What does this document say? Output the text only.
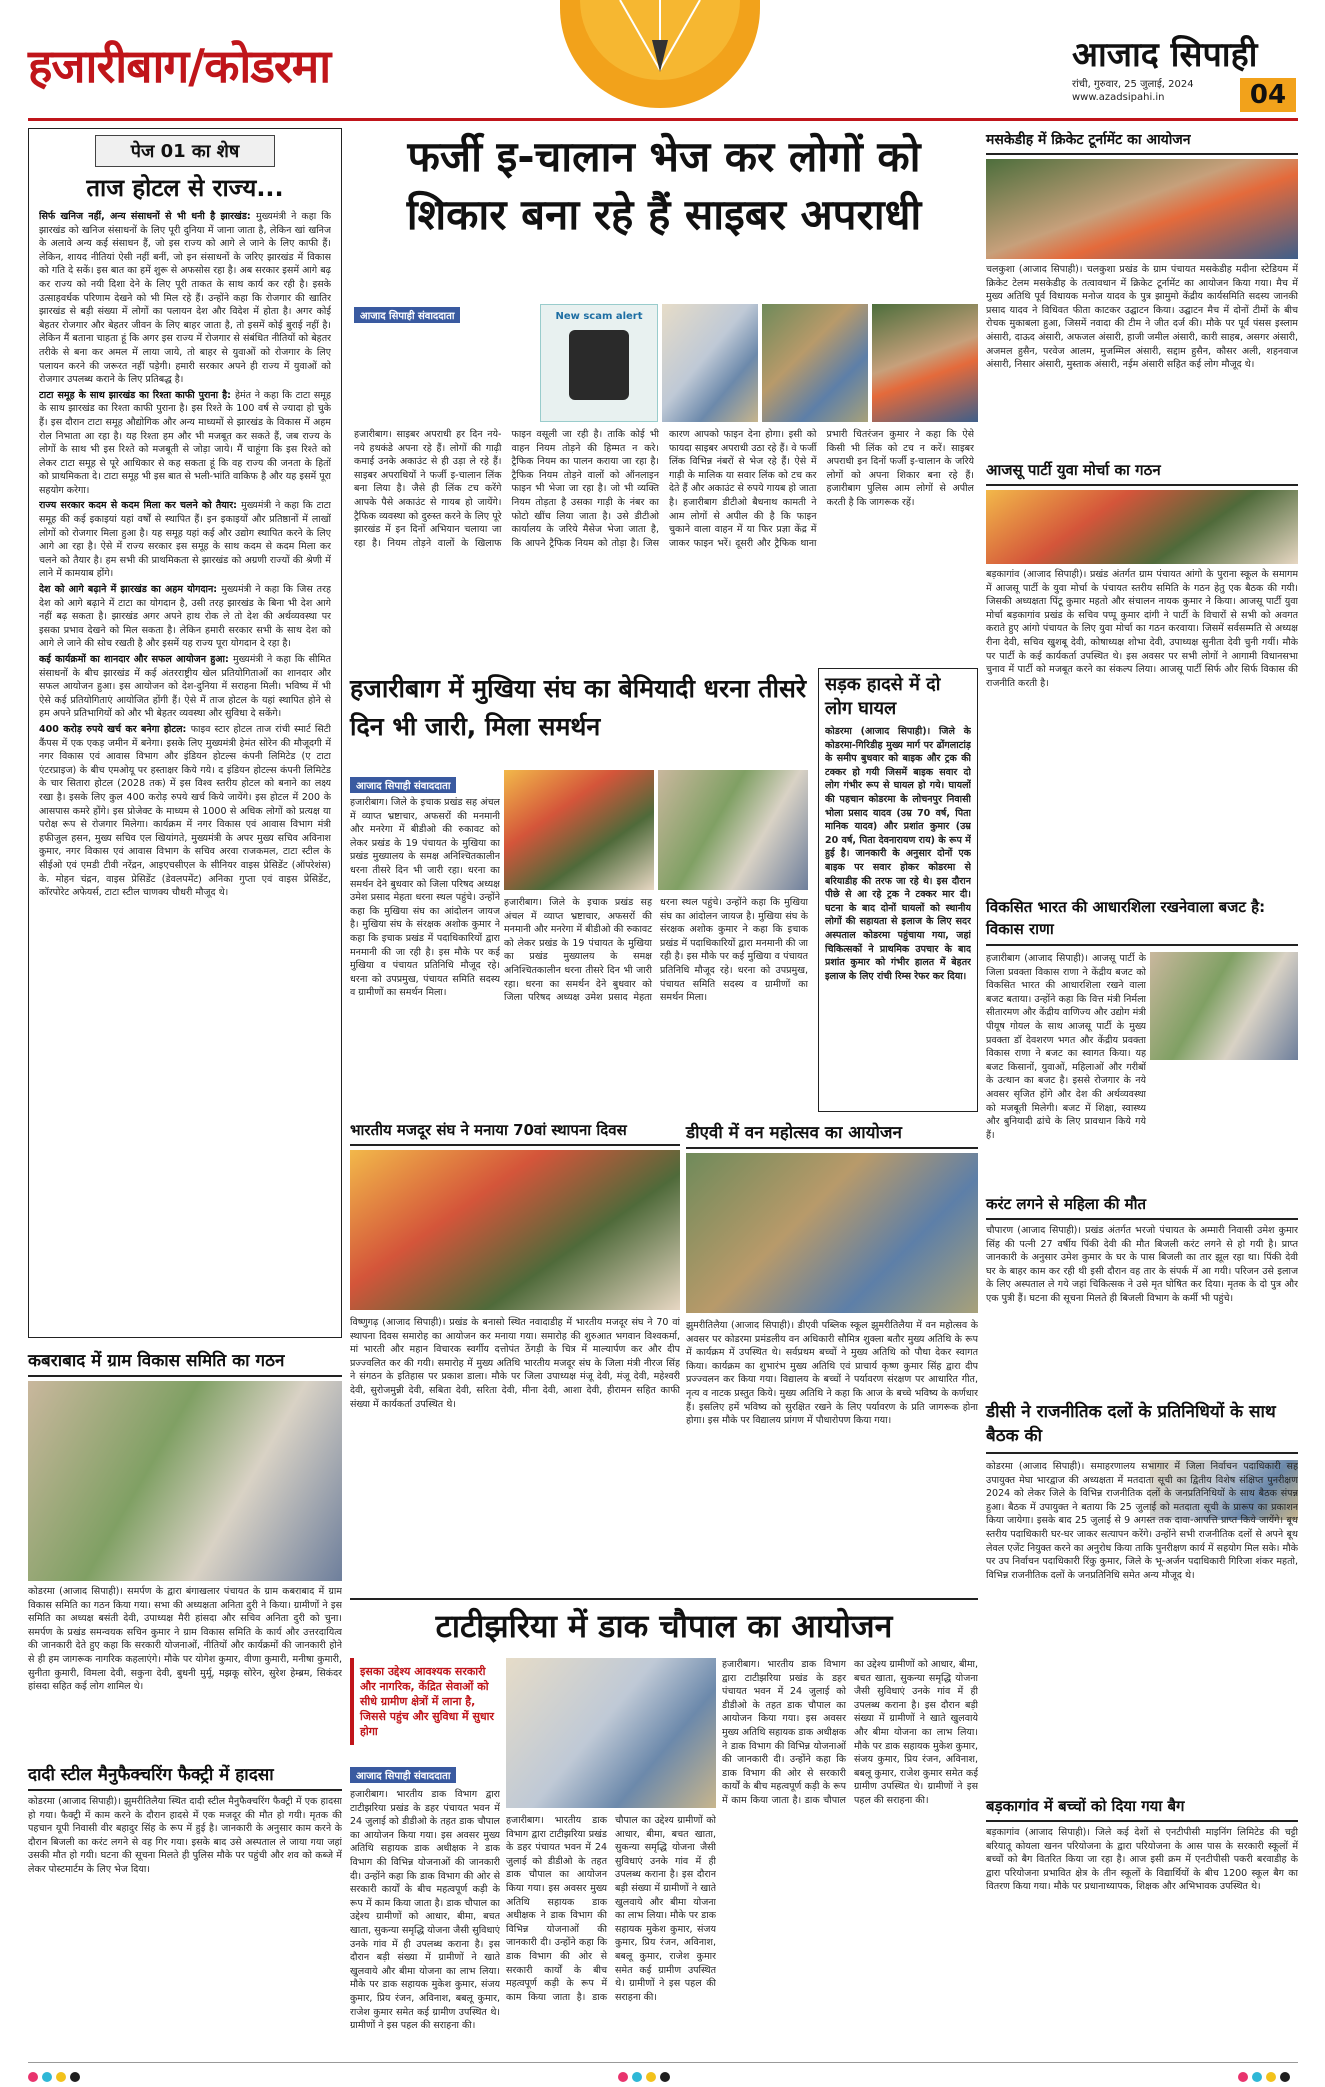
हजारीबाग/कोडरमा	आजाद सिपाही
रांची, गुरुवार, 25 जुलाई, 2024
www.azadsipahi.in	04
पेज 01 का शेष
ताज होटल से राज्य...

सिर्फ खनिज नहीं, अन्य संसाधनों से भी धनी है झारखंड: मुख्यमंत्री ने कहा कि झारखंड को खनिज संसाधनों के लिए पूरी दुनिया में जाना जाता है, लेकिन खां खनिज के अलावे अन्य कई संसाधन हैं, जो इस राज्य को आगे ले जाने के लिए काफी हैं। लेकिन, शायद नीतियां ऐसी नहीं बनीं, जो इन संसाधनों के जरिए झारखंड में विकास को गति दे सकें। इस बात का हमें शुरू से अफसोस रहा है। अब सरकार इसमें आगे बढ़ कर राज्य को नयी दिशा देने के लिए पूरी ताकत के साथ कार्य कर रही है। इसके उत्साहवर्धक परिणाम देखने को भी मिल रहे हैं। उन्होंने कहा कि रोजगार की खातिर झारखंड से बड़ी संख्या में लोगों का पलायन देश और विदेश में होता है। अगर कोई बेहतर रोजगार और बेहतर जीवन के लिए बाहर जाता है, तो इसमें कोई बुराई नहीं है। लेकिन मैं बताना चाहता हूं कि अगर इस राज्य में रोजगार से संबंधित नीतियों को बेहतर तरीके से बना कर अमल में लाया जाये, तो बाहर से युवाओं को रोजगार के लिए पलायन करने की जरूरत नहीं पड़ेगी। हमारी सरकार अपने ही राज्य में युवाओं को रोजगार उपलब्ध कराने के लिए प्रतिबद्ध है।

टाटा समूह के साथ झारखंड का रिश्ता काफी पुराना है: हेमंत ने कहा कि टाटा समूह के साथ झारखंड का रिश्ता काफी पुराना है। इस रिश्ते के 100 वर्ष से ज्यादा हो चुके हैं। इस दौरान टाटा समूह औद्योगिक और अन्य माध्यमों से झारखंड के विकास में अहम रोल निभाता आ रहा है। यह रिश्ता हम और भी मजबूत कर सकते हैं, जब राज्य के लोगों के साथ भी इस रिश्ते को मजबूती से जोड़ा जाये। मैं चाहूंगा कि इस रिश्ते को लेकर टाटा समूह से पूरे आधिकार से कह सकता हूं कि वह राज्य की जनता के हितों को प्राथमिकता दे। टाटा समूह भी इस बात से भली-भांति वाकिफ है और यह इसमें पूरा सहयोग करेगा।

राज्य सरकार कदम से कदम मिला कर चलने को तैयार: मुख्यमंत्री ने कहा कि टाटा समूह की कई इकाइयां यहां वर्षों से स्थापित हैं। इन इकाइयों और प्रतिष्ठानों में लाखों लोगों को रोजगार मिला हुआ है। यह समूह यहां कई और उद्योग स्थापित करने के लिए आगे आ रहा है। ऐसे में राज्य सरकार इस समूह के साथ कदम से कदम मिला कर चलने को तैयार है। हम सभी की प्राथमिकता से झारखंड को अग्रणी राज्यों की श्रेणी में लाने में कामयाब होंगे।

देश को आगे बढ़ाने में झारखंड का अहम योगदान: मुख्यमंत्री ने कहा कि जिस तरह देश को आगे बढ़ाने में टाटा का योगदान है, उसी तरह झारखंड के बिना भी देश आगे नहीं बढ़ सकता है। झारखंड अगर अपने हाथ रोक ले तो देश की अर्थव्यवस्था पर इसका प्रभाव देखने को मिल सकता है। लेकिन हमारी सरकार सभी के साथ देश को आगे ले जाने की सोच रखती है और इसमें यह राज्य पूरा योगदान दे रहा है।

कई कार्यक्रमों का शानदार और सफल आयोजन हुआ: मुख्यमंत्री ने कहा कि सीमित संसाधनों के बीच झारखंड में कई अंतरराष्ट्रीय खेल प्रतियोगिताओं का शानदार और सफल आयोजन हुआ। इस आयोजन को देश-दुनिया में सराहना मिली। भविष्य में भी ऐसे कई प्रतियोगिताएं आयोजित होंगी हैं। ऐसे में ताज होटल के यहां स्थापित होने से हम अपने प्रतिभागियों को और भी बेहतर व्यवस्था और सुविधा दे सकेंगे।

400 करोड़ रुपये खर्च कर बनेगा होटल: फाइव स्टार होटल ताज रांची स्मार्ट सिटी कैंपस में एक एकड़ जमीन में बनेगा। इसके लिए मुख्यमंत्री हेमंत सोरेन की मौजूदगी में नगर विकास एवं आवास विभाग और इंडियन होटल्स कंपनी लिमिटेड (ए टाटा एंटरप्राइज) के बीच एमओयू पर हस्ताक्षर किये गये। द इंडियन होटल्स कंपनी लिमिटेड के चार सितारा होटल (2028 तक) में इस विश्व स्तरीय होटल को बनाने का लक्ष्य रखा है। इसके लिए कुल 400 करोड़ रुपये खर्च किये जायेंगे। इस होटल में 200 के आसपास कमरे होंगे। इस प्रोजेक्ट के माध्यम से 1000 से अधिक लोगों को प्रत्यक्ष या परोक्ष रूप से रोजगार मिलेगा। कार्यक्रम में नगर विकास एवं आवास विभाग मंत्री हफीजुल हसन, मुख्य सचिव एल खियांगते, मुख्यमंत्री के अपर मुख्य सचिव अविनाश कुमार, नगर विकास एवं आवास विभाग के सचिव अरवा राजकमल, टाटा स्टील के सीईओ एवं एमडी टीवी नरेंद्रन, आइएचसीएल के सीनियर वाइस प्रेसिडेंट (ऑपरेशंस) के. मोहन चंद्रन, वाइस प्रेसिडेंट (डेवलपमेंट) अनिका गुप्ता एवं वाइस प्रेसिडेंट, कॉरपोरेट अफेयर्स, टाटा स्टील चाणक्य चौधरी मौजूद थे।

कबराबाद में ग्राम विकास समिति का गठन
कोडरमा (आजाद सिपाही)। समर्पण के द्वारा बंगाखलार पंचायत के ग्राम कबराबाद में ग्राम विकास समिति का गठन किया गया। सभा की अध्यक्षता अनिता दुरी ने किया। ग्रामीणों ने इस समिति का अध्यक्ष बसंती देवी, उपाध्यक्ष मैरी हांसदा और सचिव अनिता दुरी को चुना। समर्पण के प्रखंड समन्वयक सचिन कुमार ने ग्राम विकास समिति के कार्य और उत्तरदायित्व की जानकारी देते हुए कहा कि सरकारी योजनाओं, नीतियों और कार्यक्रमों की जानकारी होने से ही हम जागरूक नागरिक कहलाएंगे। मौके पर योगेश कुमार, वीणा कुमारी, मनीषा कुमारी, सुनीता कुमारी, विमला देवी, सकुना देवी, बुधनी मुर्मू, मझकू सोरेन, सुरेश हेम्ब्रम, सिकंदर हांसदा सहित कई लोग शामिल थे।
दादी स्टील मैनुफैक्चरिंग फैक्ट्री में हादसा
कोडरमा (आजाद सिपाही)। झुमरीतिलैया स्थित दादी स्टील मैनुफैक्चरिंग फैक्ट्री में एक हादसा हो गया। फैक्ट्री में काम करने के दौरान हादसे में एक मजदूर की मौत हो गयी। मृतक की पहचान यूपी निवासी वीर बहादुर सिंह के रूप में हुई है। जानकारी के अनुसार काम करने के दौरान बिजली का करंट लगने से वह गिर गया। इसके बाद उसे अस्पताल ले जाया गया जहां उसकी मौत हो गयी। घटना की सूचना मिलते ही पुलिस मौके पर पहुंची और शव को कब्जे में लेकर पोस्टमार्टम के लिए भेज दिया।
फर्जी इ-चालान भेज कर लोगों को शिकार बना रहे हैं साइबर अपराधी
आजाद सिपाही संवाददाता	New scam alert
हजारीबाग। साइबर अपराधी हर दिन नये-नये हथकंडे अपना रहे हैं। लोगों की गाढ़ी कमाई उनके अकाउंट से ही उड़ा ले रहे हैं। साइबर अपराधियों ने फर्जी इ-चालान लिंक बना लिया है। जैसे ही लिंक टच करेंगे आपके पैसे अकाउंट से गायब हो जायेंगे। ट्रैफिक व्यवस्था को दुरुस्त करने के लिए पूरे झारखंड में इन दिनों अभियान चलाया जा रहा है। नियम तोड़ने वालों के खिलाफ फाइन वसूली जा रही है। ताकि कोई भी वाहन नियम तोड़ने की हिम्मत न करे। ट्रैफिक नियम का पालन कराया जा रहा है। ट्रैफिक नियम तोड़ने वालों को ऑनलाइन फाइन भी भेजा जा रहा है। जो भी व्यक्ति नियम तोड़ता है उसका गाड़ी के नंबर का फोटो खींच लिया जाता है। उसे डीटीओ कार्यालय के जरिये मैसेज भेजा जाता है, कि आपने ट्रैफिक नियम को तोड़ा है। जिस कारण आपको फाइन देना होगा। इसी को फायदा साइबर अपराधी उठा रहे हैं। वे फर्जी लिंक विभिन्न नंबरों से भेज रहे हैं। ऐसे में गाड़ी के मालिक या सवार लिंक को टच कर देते हैं और अकाउंट से रुपये गायब हो जाता है। हजारीबाग डीटीओ बैधनाथ कामती ने आम लोगों से अपील की है कि फाइन चुकाने वाला वाहन में या फिर प्रज्ञा केंद्र में जाकर फाइन भरें। दूसरी और ट्रैफिक थाना प्रभारी चितरंजन कुमार ने कहा कि ऐसे किसी भी लिंक को टच न करें। साइबर अपराधी इन दिनों फर्जी इ-चालान के जरिये लोगों को अपना शिकार बना रहे हैं। हजारीबाग पुलिस आम लोगों से अपील करती है कि जागरूक रहें।
हजारीबाग में मुखिया संघ का बेमियादी धरना तीसरे दिन भी जारी, मिला समर्थन
आजाद सिपाही संवाददाता
हजारीबाग। जिले के इचाक प्रखंड सह अंचल में व्याप्त भ्रष्टाचार, अफसरों की मनमानी और मनरेगा में बीडीओ की रुकावट को लेकर प्रखंड के 19 पंचायत के मुखिया का प्रखंड मुख्यालय के समक्ष अनिश्चितकालीन धरना तीसरे दिन भी जारी रहा। धरना का समर्थन देने बुधवार को जिला परिषद अध्यक्ष उमेश प्रसाद मेहता धरना स्थल पहुंचे। उन्होंने कहा कि मुखिया संघ का आंदोलन जायज है। मुखिया संघ के संरक्षक अशोक कुमार ने कहा कि इचाक प्रखंड में पदाधिकारियों द्वारा मनमानी की जा रही है। इस मौके पर कई मुखिया व पंचायत प्रतिनिधि मौजूद रहे। धरना को उपप्रमुख, पंचायत समिति सदस्य व ग्रामीणों का समर्थन मिला।
हजारीबाग। जिले के इचाक प्रखंड सह अंचल में व्याप्त भ्रष्टाचार, अफसरों की मनमानी और मनरेगा में बीडीओ की रुकावट को लेकर प्रखंड के 19 पंचायत के मुखिया का प्रखंड मुख्यालय के समक्ष अनिश्चितकालीन धरना तीसरे दिन भी जारी रहा। धरना का समर्थन देने बुधवार को जिला परिषद अध्यक्ष उमेश प्रसाद मेहता धरना स्थल पहुंचे। उन्होंने कहा कि मुखिया संघ का आंदोलन जायज है। मुखिया संघ के संरक्षक अशोक कुमार ने कहा कि इचाक प्रखंड में पदाधिकारियों द्वारा मनमानी की जा रही है। इस मौके पर कई मुखिया व पंचायत प्रतिनिधि मौजूद रहे। धरना को उपप्रमुख, पंचायत समिति सदस्य व ग्रामीणों का समर्थन मिला।
सड़क हादसे में दो लोग घायल
कोडरमा (आजाद सिपाही)। जिले के कोडरमा-गिरिडीह मुख्य मार्ग पर ढोंगलाटांड़ के समीप बुधवार को बाइक और ट्रक की टक्कर हो गयी जिसमें बाइक सवार दो लोग गंभीर रूप से घायल हो गये। घायलों की पहचान कोडरमा के लोचनपुर निवासी भोला प्रसाद यादव (उम्र 70 वर्ष, पिता मानिक यादव) और प्रशांत कुमार (उम्र 20 वर्ष, पिता देवनारायण राय) के रूप में हुई है। जानकारी के अनुसार दोनों एक बाइक पर सवार होकर कोडरमा से बरियाडीह की तरफ जा रहे थे। इस दौरान पीछे से आ रहे ट्रक ने टक्कर मार दी। घटना के बाद दोनों घायलों को स्थानीय लोगों की सहायता से इलाज के लिए सदर अस्पताल कोडरमा पहुंचाया गया, जहां चिकित्सकों ने प्राथमिक उपचार के बाद प्रशांत कुमार को गंभीर हालत में बेहतर इलाज के लिए रांची रिम्स रेफर कर दिया।
भारतीय मजदूर संघ ने मनाया 70वां स्थापना दिवस
विष्णुगढ़ (आजाद सिपाही)। प्रखंड के बनासो स्थित नवादाडीह में भारतीय मजदूर संघ ने 70 वां स्थापना दिवस समारोह का आयोजन कर मनाया गया। समारोह की शुरुआत भगवान विश्वकर्मा, मां भारती और महान विचारक स्वर्गीय दत्तोपंत ठेंगड़ी के चित्र में माल्यार्पण कर और दीप प्रज्ज्वलित कर की गयी। समारोह में मुख्य अतिथि भारतीय मजदूर संघ के जिला मंत्री नीरज सिंह ने संगठन के इतिहास पर प्रकाश डाला। मौके पर जिला उपाध्यक्ष मंजू देवी, मंजू देवी, महेश्वरी देवी, सुरोजमुन्नी देवी, सबिता देवी, सरिता देवी, मीना देवी, आशा देवी, हीरामन सहित काफी संख्या में कार्यकर्ता उपस्थित थे।
डीएवी में वन महोत्सव का आयोजन
झुमरीतिलैया (आजाद सिपाही)। डीएवी पब्लिक स्कूल झुमरीतिलैया में वन महोत्सव के अवसर पर कोडरमा प्रमंडलीय वन अधिकारी सौमित्र शुक्ला बतौर मुख्य अतिथि के रूप में कार्यक्रम में उपस्थित थे। सर्वप्रथम बच्चों ने मुख्य अतिथि को पौधा देकर स्वागत किया। कार्यक्रम का शुभारंभ मुख्य अतिथि एवं प्राचार्य कृष्ण कुमार सिंह द्वारा दीप प्रज्ज्वलन कर किया गया। विद्यालय के बच्चों ने पर्यावरण संरक्षण पर आधारित गीत, नृत्य व नाटक प्रस्तुत किये। मुख्य अतिथि ने कहा कि आज के बच्चे भविष्य के कर्णधार हैं। इसलिए हमें भविष्य को सुरक्षित रखने के लिए पर्यावरण के प्रति जागरूक होना होगा। इस मौके पर विद्यालय प्रांगण में पौधारोपण किया गया।
टाटीझरिया में डाक चौपाल का आयोजन
इसका उद्देश्य आवश्यक सरकारी और नागरिक, केंद्रित सेवाओं को सीधे ग्रामीण क्षेत्रों में लाना है, जिससे पहुंच और सुविधा में सुधार होगा
आजाद सिपाही संवाददाता
हजारीबाग। भारतीय डाक विभाग द्वारा टाटीझरिया प्रखंड के डहर पंचायत भवन में 24 जुलाई को डीडीओ के तहत डाक चौपाल का आयोजन किया गया। इस अवसर मुख्य अतिथि सहायक डाक अधीक्षक ने डाक विभाग की विभिन्न योजनाओं की जानकारी दी। उन्होंने कहा कि डाक विभाग की ओर से सरकारी कार्यों के बीच महत्वपूर्ण कड़ी के रूप में काम किया जाता है। डाक चौपाल का उद्देश्य ग्रामीणों को आधार, बीमा, बचत खाता, सुकन्या समृद्धि योजना जैसी सुविधाएं उनके गांव में ही उपलब्ध कराना है। इस दौरान बड़ी संख्या में ग्रामीणों ने खाते खुलवाये और बीमा योजना का लाभ लिया। मौके पर डाक सहायक मुकेश कुमार, संजय कुमार, प्रिय रंजन, अविनाश, बबलू कुमार, राजेश कुमार समेत कई ग्रामीण उपस्थित थे। ग्रामीणों ने इस पहल की सराहना की।
हजारीबाग। भारतीय डाक विभाग द्वारा टाटीझरिया प्रखंड के डहर पंचायत भवन में 24 जुलाई को डीडीओ के तहत डाक चौपाल का आयोजन किया गया। इस अवसर मुख्य अतिथि सहायक डाक अधीक्षक ने डाक विभाग की विभिन्न योजनाओं की जानकारी दी। उन्होंने कहा कि डाक विभाग की ओर से सरकारी कार्यों के बीच महत्वपूर्ण कड़ी के रूप में काम किया जाता है। डाक चौपाल का उद्देश्य ग्रामीणों को आधार, बीमा, बचत खाता, सुकन्या समृद्धि योजना जैसी सुविधाएं उनके गांव में ही उपलब्ध कराना है। इस दौरान बड़ी संख्या में ग्रामीणों ने खाते खुलवाये और बीमा योजना का लाभ लिया। मौके पर डाक सहायक मुकेश कुमार, संजय कुमार, प्रिय रंजन, अविनाश, बबलू कुमार, राजेश कुमार समेत कई ग्रामीण उपस्थित थे। ग्रामीणों ने इस पहल की सराहना की।
हजारीबाग। भारतीय डाक विभाग द्वारा टाटीझरिया प्रखंड के डहर पंचायत भवन में 24 जुलाई को डीडीओ के तहत डाक चौपाल का आयोजन किया गया। इस अवसर मुख्य अतिथि सहायक डाक अधीक्षक ने डाक विभाग की विभिन्न योजनाओं की जानकारी दी। उन्होंने कहा कि डाक विभाग की ओर से सरकारी कार्यों के बीच महत्वपूर्ण कड़ी के रूप में काम किया जाता है। डाक चौपाल का उद्देश्य ग्रामीणों को आधार, बीमा, बचत खाता, सुकन्या समृद्धि योजना जैसी सुविधाएं उनके गांव में ही उपलब्ध कराना है। इस दौरान बड़ी संख्या में ग्रामीणों ने खाते खुलवाये और बीमा योजना का लाभ लिया। मौके पर डाक सहायक मुकेश कुमार, संजय कुमार, प्रिय रंजन, अविनाश, बबलू कुमार, राजेश कुमार समेत कई ग्रामीण उपस्थित थे। ग्रामीणों ने इस पहल की सराहना की।
मसकेडीह में क्रिकेट टूर्नामेंट का आयोजन
चलकुशा (आजाद सिपाही)। चलकुशा प्रखंड के ग्राम पंचायत मसकेडीह मदीना स्टेडियम में क्रिकेट टेलम मसकेडीह के तत्वावधान में क्रिकेट टूर्नामेंट का आयोजन किया गया। मैच में मुख्य अतिथि पूर्व विधायक मनोज यादव के पुत्र झामुमो केंद्रीय कार्यसमिति सदस्य जानकी प्रसाद यादव ने विधिवत फीता काटकर उद्घाटन किया। उद्घाटन मैच में दोनों टीमों के बीच रोचक मुकाबला हुआ, जिसमें नवादा की टीम ने जीत दर्ज की। मौके पर पूर्व पंसस इस्लाम अंसारी, दाऊद अंसारी, अफजल अंसारी, हाजी जमील अंसारी, कारी साहब, असगर अंसारी, अजमल हुसैन, परवेज आलम, मुजम्मिल अंसारी, सद्दाम हुसैन, कौसर अली, शहनवाज अंसारी, निसार अंसारी, मुस्ताक अंसारी, नईम अंसारी सहित कई लोग मौजूद थे।
आजसू पार्टी युवा मोर्चा का गठन
बड़कागांव (आजाद सिपाही)। प्रखंड अंतर्गत ग्राम पंचायत आंगो के पुराना स्कूल के समागम में आजसू पार्टी के युवा मोर्चा के पंचायत स्तरीय समिति के गठन हेतु एक बैठक की गयी। जिसकी अध्यक्षता पिंटू कुमार महतो और संचालन नायक कुमार ने किया। आजसू पार्टी युवा मोर्चा बड़कागांव प्रखंड के सचिव पप्पू कुमार दांगी ने पार्टी के विचारों से सभी को अवगत कराते हुए आंगो पंचायत के लिए युवा मोर्चा का गठन करवाया। जिसमें सर्वसम्मति से अध्यक्ष रीना देवी, सचिव खुशबू देवी, कोषाध्यक्ष शोभा देवी, उपाध्यक्ष सुनीता देवी चुनी गयीं। मौके पर पार्टी के कई कार्यकर्ता उपस्थित थे। इस अवसर पर सभी लोगों ने आगामी विधानसभा चुनाव में पार्टी को मजबूत करने का संकल्प लिया। आजसू पार्टी सिर्फ और सिर्फ विकास की राजनीति करती है।
विकसित भारत की आधारशिला रखनेवाला बजट है: विकास राणा
हजारीबाग (आजाद सिपाही)। आजसू पार्टी के जिला प्रवक्ता विकास राणा ने केंद्रीय बजट को विकसित भारत की आधारशिला रखने वाला बजट बताया। उन्होंने कहा कि वित्त मंत्री निर्मला सीतारमण और केंद्रीय वाणिज्य और उद्योग मंत्री पीयूष गोयल के साथ आजसू पार्टी के मुख्य प्रवक्ता डॉ देवशरण भगत और केंद्रीय प्रवक्ता विकास राणा ने बजट का स्वागत किया। यह बजट किसानों, युवाओं, महिलाओं और गरीबों के उत्थान का बजट है। इससे रोजगार के नये अवसर सृजित होंगे और देश की अर्थव्यवस्था को मजबूती मिलेगी। बजट में शिक्षा, स्वास्थ्य और बुनियादी ढांचे के लिए प्रावधान किये गये हैं।
करंट लगने से महिला की मौत
चौपारण (आजाद सिपाही)। प्रखंड अंतर्गत भरजो पंचायत के अम्मारी निवासी उमेश कुमार सिंह की पत्नी 27 वर्षीय पिंकी देवी की मौत बिजली करंट लगने से हो गयी है। प्राप्त जानकारी के अनुसार उमेश कुमार के घर के पास बिजली का तार झूल रहा था। पिंकी देवी घर के बाहर काम कर रही थी इसी दौरान वह तार के संपर्क में आ गयी। परिजन उसे इलाज के लिए अस्पताल ले गये जहां चिकित्सक ने उसे मृत घोषित कर दिया। मृतक के दो पुत्र और एक पुत्री हैं। घटना की सूचना मिलते ही बिजली विभाग के कर्मी भी पहुंचे।
डीसी ने राजनीतिक दलों के प्रतिनिधियों के साथ बैठक की
कोडरमा (आजाद सिपाही)। समाहरणालय सभागार में जिला निर्वाचन पदाधिकारी सह उपायुक्त मेघा भारद्वाज की अध्यक्षता में मतदाता सूची का द्वितीय विशेष संक्षिप्त पुनरीक्षण 2024 को लेकर जिले के विभिन्न राजनीतिक दलों के जनप्रतिनिधियों के साथ बैठक संपन्न हुआ। बैठक में उपायुक्त ने बताया कि 25 जुलाई को मतदाता सूची के प्रारूप का प्रकाशन किया जायेगा। इसके बाद 25 जुलाई से 9 अगस्त तक दावा-आपत्ति प्राप्त किये जायेंगे। बूथ स्तरीय पदाधिकारी घर-घर जाकर सत्यापन करेंगे। उन्होंने सभी राजनीतिक दलों से अपने बूथ लेवल एजेंट नियुक्त करने का अनुरोध किया ताकि पुनरीक्षण कार्य में सहयोग मिल सके। मौके पर उप निर्वाचन पदाधिकारी रिंकु कुमार, जिले के भू-अर्जन पदाधिकारी गिरिजा शंकर महतो, विभिन्न राजनीतिक दलों के जनप्रतिनिधि समेत अन्य मौजूद थे।
बड़कागांव में बच्चों को दिया गया बैग
बड़कागांव (आजाद सिपाही)। जिले कई देशों से एनटीपीसी माइनिंग लिमिटेड की चट्टी बरियातू कोयला खनन परियोजना के द्वारा परियोजना के आस पास के सरकारी स्कूलों में बच्चों को बैग वितरित किया जा रहा है। आज इसी क्रम में एनटीपीसी पकरी बरवाडीह के द्वारा परियोजना प्रभावित क्षेत्र के तीन स्कूलों के विद्यार्थियों के बीच 1200 स्कूल बैग का वितरण किया गया। मौके पर प्रधानाध्यापक, शिक्षक और अभिभावक उपस्थित थे।
